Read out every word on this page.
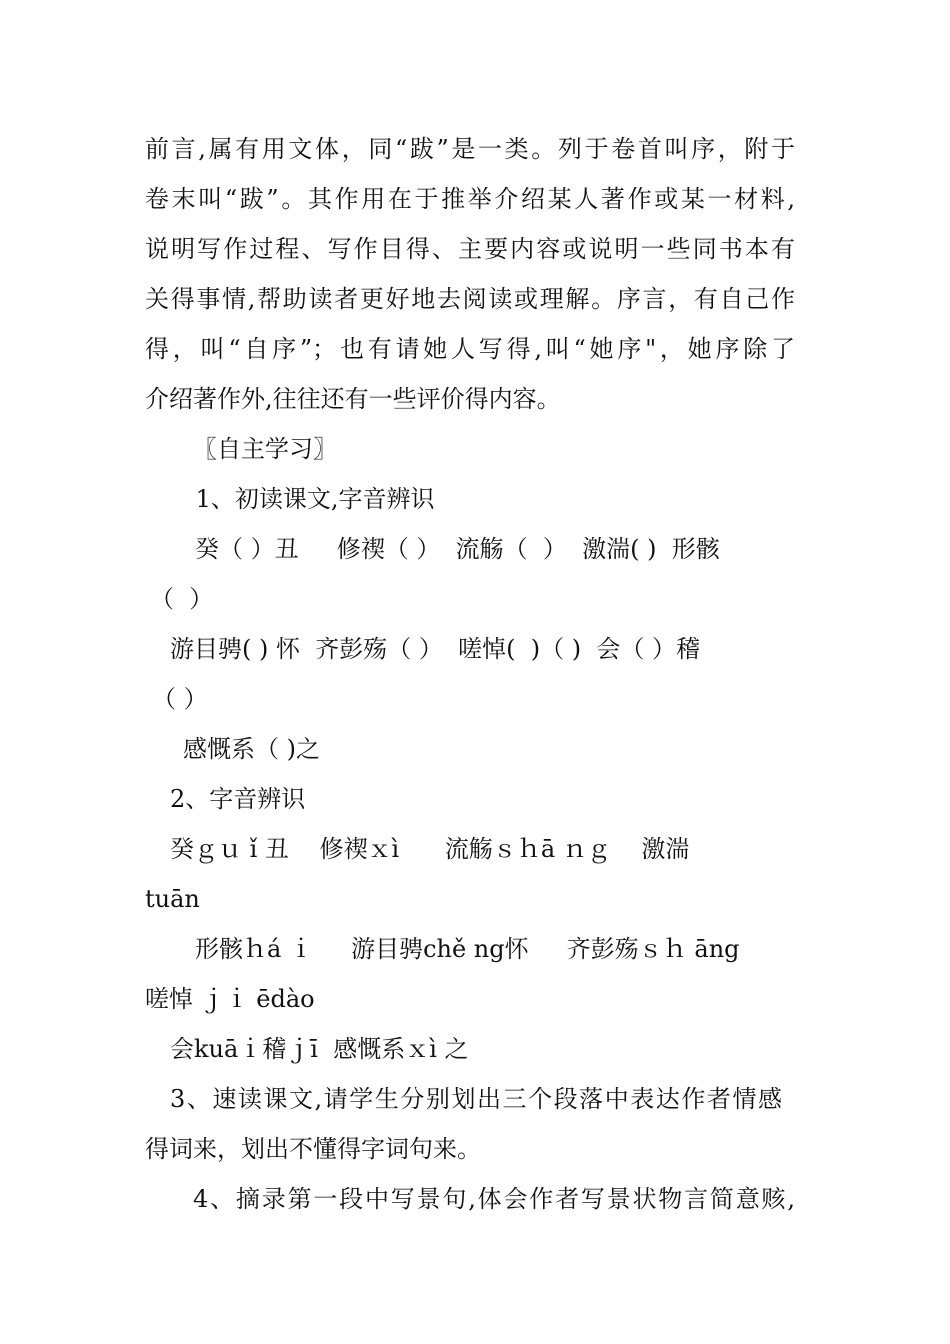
前言,属有用文体，同“跋”是一类。列于卷首叫序，附于

卷末叫“跋”。其作用在于推举介绍某人著作或某一材料,

说明写作过程、写作目得、主要内容或说明一些同书本有

关得事情,帮助读者更好地去阅读或理解。序言，有自己作

得，叫“自序”；也有请她人写得,叫“她序"，她序除了

介绍著作外,往往还有一些评价得内容。

〖自主学习〗

1、初读课文,字音辨识

癸（ ）丑     修禊（ ）  流觞（  ）  激湍( )  形骸

（  ）

游目骋( ) 怀  齐彭殇（ ）  嗟悼(  )（ )  会（ ）稽

（ ）

感慨系（ )之

2、字音辨识

癸ｇｕ ǐ 丑    修禊ｘì      流觞ｓｈā ｎｇ    激湍

tuān

形骸ｈá ｉ     游目骋chě ng怀     齐彭殇ｓｈ āng

嗟悼 ｊｉ ēdào

会kuāｉ稽ｊī  感慨系ｘì 之

3、速读课文,请学生分别划出三个段落中表达作者情感

得词来，划出不懂得字词句来。

4、摘录第一段中写景句,体会作者写景状物言简意赅,
